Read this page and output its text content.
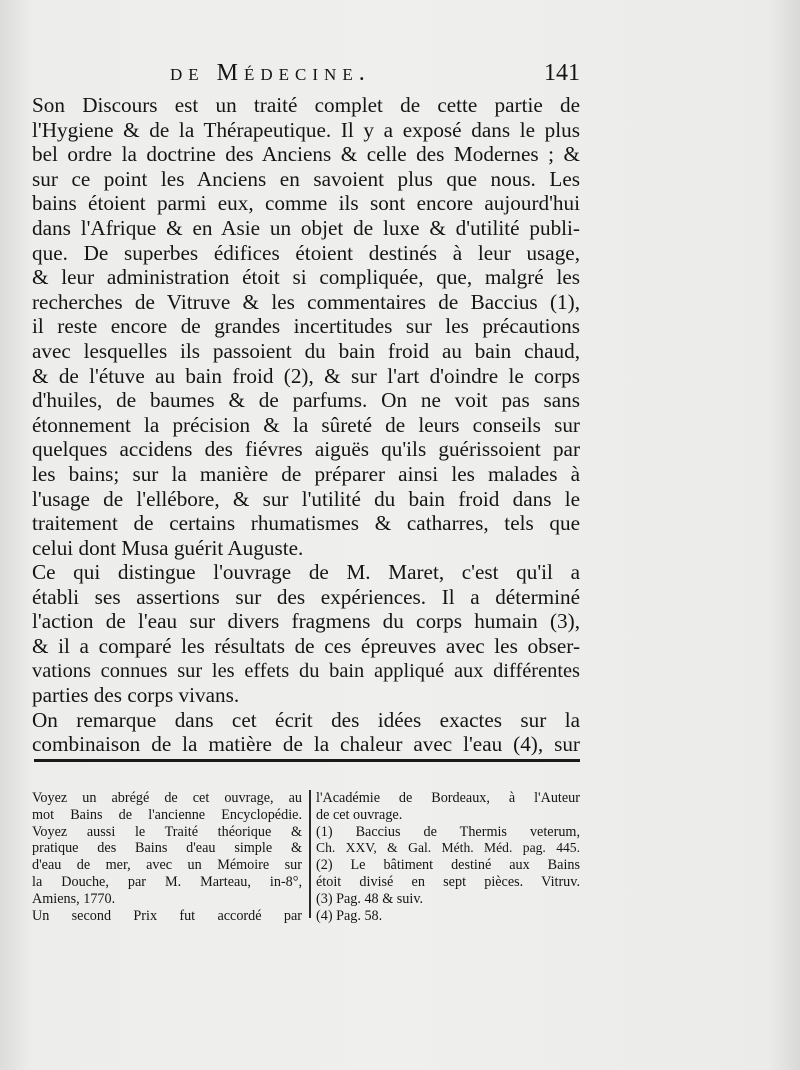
de Médecine.	141

Son Discours est un traité complet de cette partie de
l'Hygiene & de la Thérapeutique. Il y a exposé dans le plus
bel ordre la doctrine des Anciens & celle des Modernes ; &
sur ce point les Anciens en savoient plus que nous. Les
bains étoient parmi eux, comme ils sont encore aujourd'hui
dans l'Afrique & en Asie un objet de luxe & d'utilité publi-
que. De superbes édifices étoient destinés à leur usage,
& leur administration étoit si compliquée, que, malgré les
recherches de Vitruve & les commentaires de Baccius (1),
il reste encore de grandes incertitudes sur les précautions
avec lesquelles ils passoient du bain froid au bain chaud,
& de l'étuve au bain froid (2), & sur l'art d'oindre le corps
d'huiles, de baumes & de parfums. On ne voit pas sans
étonnement la précision & la sûreté de leurs conseils sur
quelques accidens des fiévres aiguës qu'ils guérissoient par
les bains; sur la manière de préparer ainsi les malades à
l'usage de l'ellébore, & sur l'utilité du bain froid dans le
traitement de certains rhumatismes & catharres, tels que
celui dont Musa guérit Auguste.

Ce qui distingue l'ouvrage de M. Maret, c'est qu'il a
établi ses assertions sur des expériences. Il a déterminé
l'action de l'eau sur divers fragmens du corps humain (3),
& il a comparé les résultats de ces épreuves avec les obser-
vations connues sur les effets du bain appliqué aux différentes
parties des corps vivans.

On remarque dans cet écrit des idées exactes sur la
combinaison de la matière de la chaleur avec l'eau (4), sur

Voyez un abrégé de cet ouvrage, au
mot Bains de l'ancienne Encyclopédie.
Voyez aussi le Traité théorique &
pratique des Bains d'eau simple &
d'eau de mer, avec un Mémoire sur
la Douche, par M. Marteau, in-8°,
Amiens, 1770.
Un second Prix fut accordé par
l'Académie de Bordeaux, à l'Auteur
de cet ouvrage.
(1) Baccius de Thermis veterum,
Ch. XXV, & Gal. Méth. Méd. pag. 445.
(2) Le bâtiment destiné aux Bains
étoit divisé en sept pièces. Vitruv.
(3) Pag. 48 & suiv.
(4) Pag. 58.
